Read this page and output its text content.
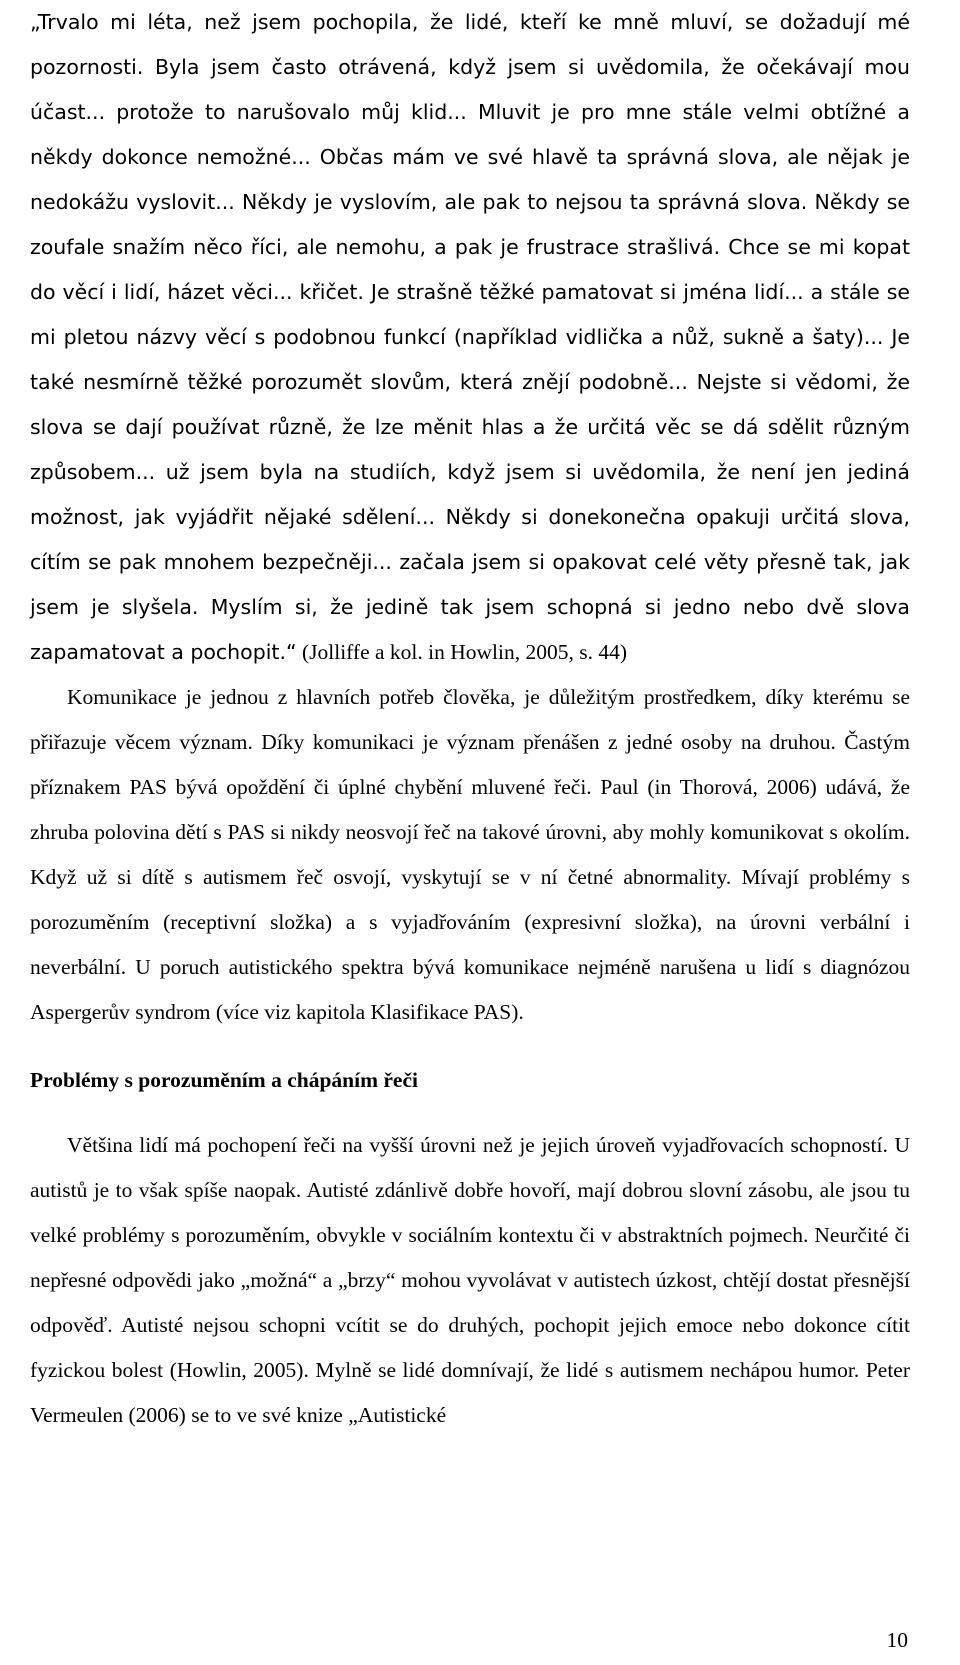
„Trvalo mi léta, než jsem pochopila, že lidé, kteří ke mně mluví, se dožadují mé pozornosti. Byla jsem často otrávená, když jsem si uvědomila, že očekávají mou účast... protože to narušovalo můj klid... Mluvit je pro mne stále velmi obtížné a někdy dokonce nemožné... Občas mám ve své hlavě ta správná slova, ale nějak je nedokážu vyslovit... Někdy je vyslovím, ale pak to nejsou ta správná slova. Někdy se zoufale snažím něco říci, ale nemohu, a pak je frustrace strašlivá. Chce se mi kopat do věcí i lidí, házet věci... křičet. Je strašně těžké pamatovat si jména lidí... a stále se mi pletou názvy věcí s podobnou funkcí (například vidlička a nůž, sukně a šaty)... Je také nesmírně těžké porozumět slovům, která znějí podobně... Nejste si vědomi, že slova se dají používat různě, že lze měnit hlas a že určitá věc se dá sdělit různým způsobem... už jsem byla na studiích, když jsem si uvědomila, že není jen jediná možnost, jak vyjádřit nějaké sdělení... Někdy si donekonečna opakuji určitá slova, cítím se pak mnohem bezpečněji... začala jsem si opakovat celé věty přesně tak, jak jsem je slyšela. Myslím si, že jedině tak jsem schopná si jedno nebo dvě slova zapamatovat a pochopit.“ (Jolliffe a kol. in Howlin, 2005, s. 44)

Komunikace je jednou z hlavních potřeb člověka, je důležitým prostředkem, díky kterému se přiřazuje věcem význam. Díky komunikaci je význam přenášen z jedné osoby na druhou. Častým příznakem PAS bývá opoždění či úplné chybění mluvené řeči. Paul (in Thorová, 2006) udává, že zhruba polovina dětí s PAS si nikdy neosvojí řeč na takové úrovni, aby mohly komunikovat s okolím. Když už si dítě s autismem řeč osvojí, vyskytují se v ní četné abnormality. Mívají problémy s porozuměním (receptivní složka) a s vyjadřováním (expresivní složka), na úrovni verbální i neverbální. U poruch autistického spektra bývá komunikace nejméně narušena u lidí s diagnózou Aspergerův syndrom (více viz kapitola Klasifikace PAS).

Problémy s porozuměním a chápáním řeči

Většina lidí má pochopení řeči na vyšší úrovni než je jejich úroveň vyjadřovacích schopností. U autistů je to však spíše naopak. Autisté zdánlivě dobře hovoří, mají dobrou slovní zásobu, ale jsou tu velké problémy s porozuměním, obvykle v sociálním kontextu či v abstraktních pojmech. Neurčité či nepřesné odpovědi jako „možná“ a „brzy“ mohou vyvolávat v autistech úzkost, chtějí dostat přesnější odpověď. Autisté nejsou schopni vcítit se do druhých, pochopit jejich emoce nebo dokonce cítit fyzickou bolest (Howlin, 2005). Mylně se lidé domnívají, že lidé s autismem nechápou humor. Peter Vermeulen (2006) se to ve své knize „Autistické

10
